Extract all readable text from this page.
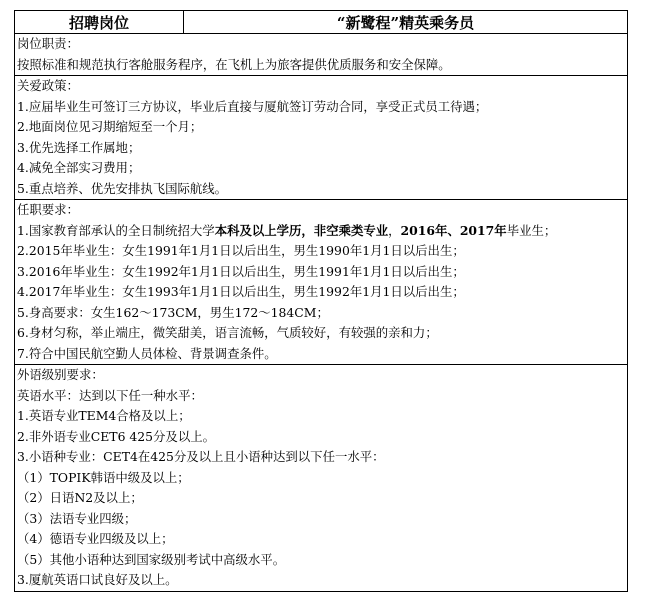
招聘岗位	“新鹭程”精英乘务员
岗位职责：
按照标准和规范执行客舱服务程序，在飞机上为旅客提供优质服务和安全保障。
关爱政策：
1.应届毕业生可签订三方协议，毕业后直接与厦航签订劳动合同，享受正式员工待遇；
2.地面岗位见习期缩短至一个月；
3.优先选择工作属地；
4.减免全部实习费用；
5.重点培养、优先安排执飞国际航线。
任职要求：
1.国家教育部承认的全日制统招大学本科及以上学历，非空乘类专业，2016年、2017年毕业生；
2.2015年毕业生：女生1991年1月1日以后出生，男生1990年1月1日以后出生；
3.2016年毕业生：女生1992年1月1日以后出生，男生1991年1月1日以后出生；
4.2017年毕业生：女生1993年1月1日以后出生，男生1992年1月1日以后出生；
5.身高要求：女生162～173CM，男生172～184CM；
6.身材匀称，举止端庄，微笑甜美，语言流畅，气质较好，有较强的亲和力；
7.符合中国民航空勤人员体检、背景调查条件。
外语级别要求：
英语水平：达到以下任一种水平：
1.英语专业TEM4合格及以上；
2.非外语专业CET6 425分及以上。
3.小语种专业：CET4在425分及以上且小语种达到以下任一水平：
（1）TOPIK韩语中级及以上；
（2）日语N2及以上；
（3）法语专业四级；
（4）德语专业四级及以上；
（5）其他小语种达到国家级别考试中高级水平。
3.厦航英语口试良好及以上。
